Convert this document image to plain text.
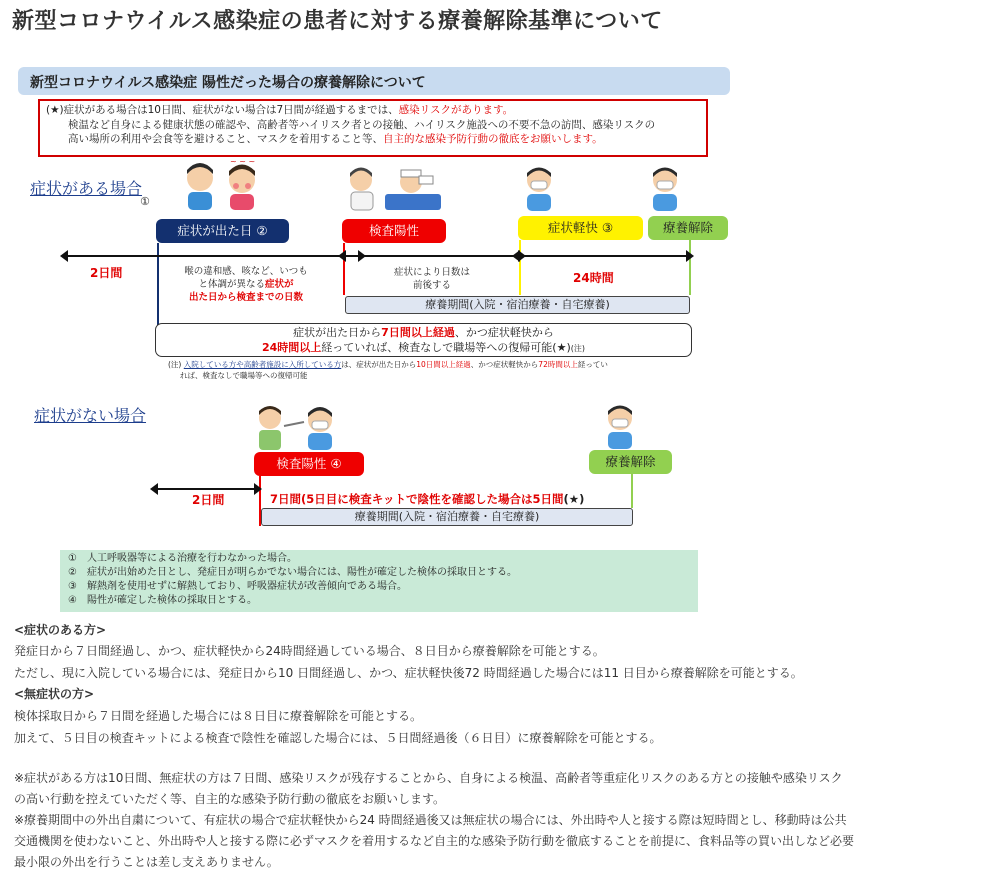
新型コロナウイルス感染症の患者に対する療養解除基準について
新型コロナウイルス感染症 陽性だった場合の療養解除について
(★)症状がある場合は10日間、症状がない場合は7日間が経過するまでは、感染リスクがあります。
検温など自身による健康状態の確認や、高齢者等ハイリスク者との接触、ハイリスク施設への不要不急の訪問、感染リスクの
高い場所の利用や会食等を避けること、マスクを着用すること等、自主的な感染予防行動の徹底をお願いします。
症状がある場合
①
~ ~ ~
症状が出た日 ②	検査陽性	症状軽快 ③	療養解除
2日間	喉の違和感、咳など、いつも
と体調が異なる症状が
出た日から検査までの日数
症状により日数は
前後する
24時間
療養期間(入院・宿泊療養・自宅療養)
症状が出た日から7日間以上経過、かつ症状軽快から
24時間以上経っていれば、検査なしで職場等への復帰可能(★)(注)
(注) 入院している方や高齢者施設に入所している方は、症状が出た日から10日間以上経過、かつ症状軽快から72時間以上経ってい
れば、検査なしで職場等への復帰可能
症状がない場合
検査陽性 ④	療養解除
2日間	7日間(5日目に検査キットで陰性を確認した場合は5日間(★)
療養期間(入院・宿泊療養・自宅療養)
①　人工呼吸器等による治療を行わなかった場合。
②　症状が出始めた日とし、発症日が明らかでない場合には、陽性が確定した検体の採取日とする。
③　解熱剤を使用せずに解熱しており、呼吸器症状が改善傾向である場合。
④　陽性が確定した検体の採取日とする。
<症状のある方>
発症日から７日間経過し、かつ、症状軽快から24時間経過している場合、８日目から療養解除を可能とする。
ただし、現に入院している場合には、発症日から10 日間経過し、かつ、症状軽快後72 時間経過した場合には11 日目から療養解除を可能とする。
<無症状の方>
検体採取日から７日間を経過した場合には８日目に療養解除を可能とする。
加えて、５日目の検査キットによる検査で陰性を確認した場合には、５日間経過後（６日目）に療養解除を可能とする。
※症状がある方は10日間、無症状の方は７日間、感染リスクが残存することから、自身による検温、高齢者等重症化リスクのある方との接触や感染リスク
の高い行動を控えていただく等、自主的な感染予防行動の徹底をお願いします。
※療養期間中の外出自粛について、有症状の場合で症状軽快から24 時間経過後又は無症状の場合には、外出時や人と接する際は短時間とし、移動時は公共
交通機関を使わないこと、外出時や人と接する際に必ずマスクを着用するなど自主的な感染予防行動を徹底することを前提に、食料品等の買い出しなど必要
最小限の外出を行うことは差し支えありません。
